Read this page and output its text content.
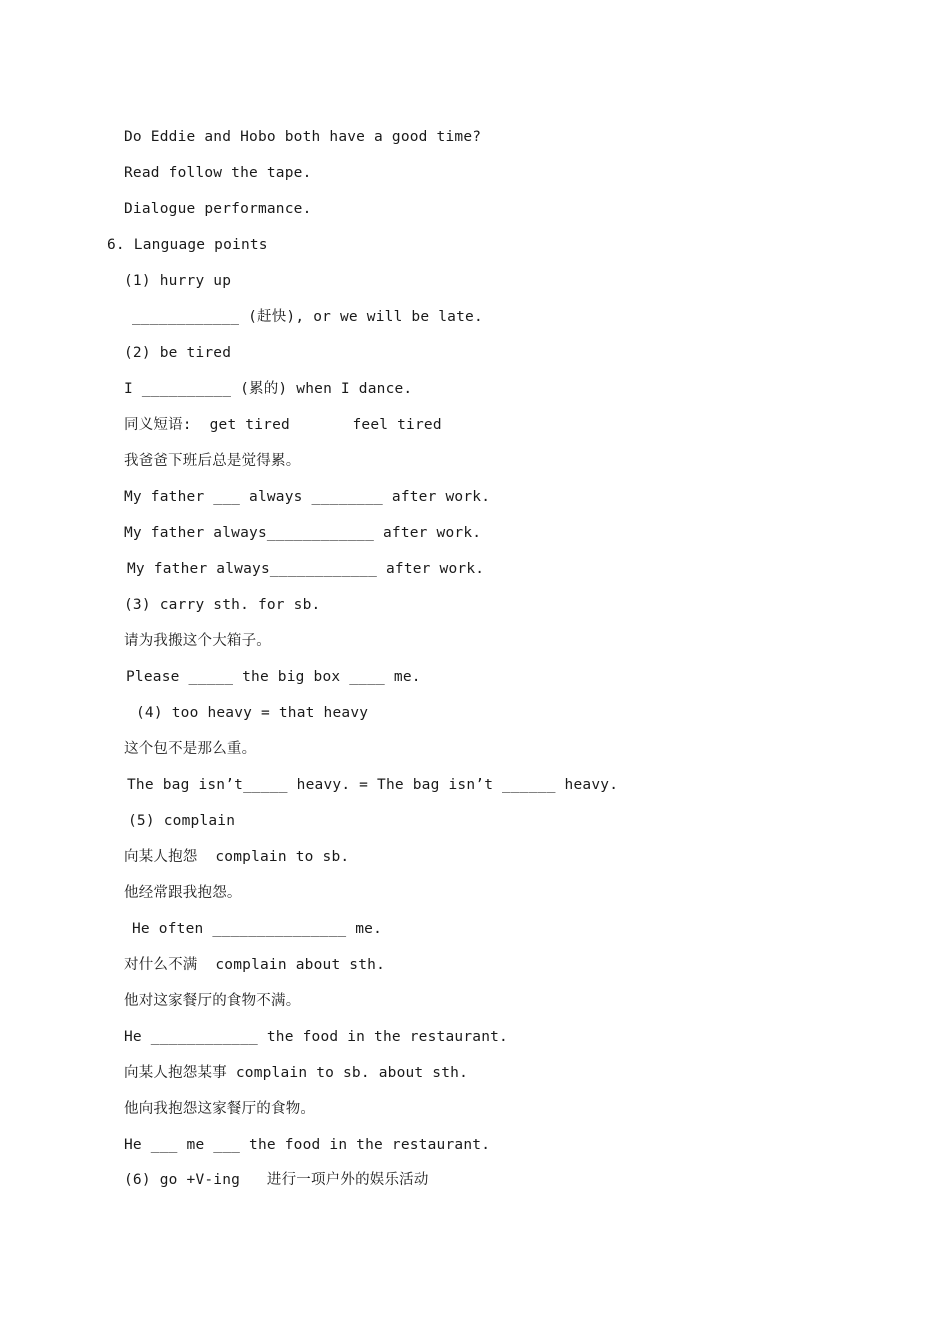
Do Eddie and Hobo both have a good time?
Read follow the tape.
Dialogue performance.
6. Language points
(1) hurry up
____________ (赶快), or we will be late.
(2) be tired
I __________ (累的) when I dance.
同义短语:  get tired       feel tired
我爸爸下班后总是觉得累。
My father ___ always ________ after work.
My father always____________ after work.
My father always____________ after work.
(3) carry sth. for sb.
请为我搬这个大箱子。
Please _____ the big box ____ me.
(4) too heavy = that heavy
这个包不是那么重。
The bag isn’t_____ heavy. = The bag isn’t ______ heavy.
(5) complain
向某人抱怨  complain to sb.
他经常跟我抱怨。
He often _______________ me.
对什么不满  complain about sth.
他对这家餐厅的食物不满。
He ____________ the food in the restaurant.
向某人抱怨某事 complain to sb. about sth.
他向我抱怨这家餐厅的食物。
He ___ me ___ the food in the restaurant.
(6) go +V-ing   进行一项户外的娱乐活动
